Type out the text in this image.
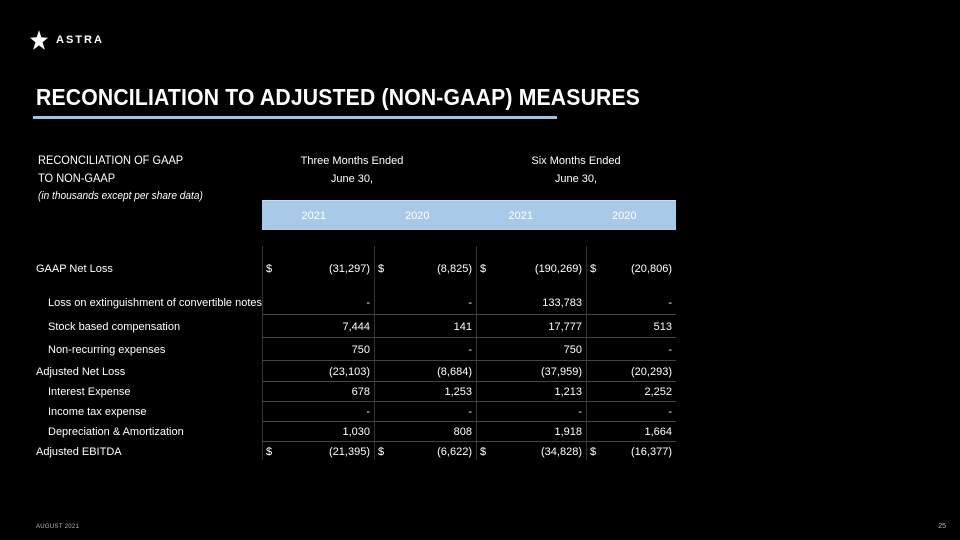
ASTRA
RECONCILIATION TO ADJUSTED (NON-GAAP) MEASURES
RECONCILIATION OF GAAP
TO NON-GAAP
(in thousands except per share data)
Three Months Ended
June 30,
Six Months Ended
June 30,
2021	2020	2021	2020
GAAP Net Loss	$	(31,297) $	(8,825) $	(190,269) $	(20,806)
Loss on extinguishment of convertible notes	-	-	133,783	-
Stock based compensation	7,444	141	17,777	513
Non-recurring expenses	750	-	750	-
Adjusted Net Loss	(23,103)	(8,684)	(37,959)	(20,293)
Interest Expense	678	1,253	1,213	2,252
Income tax expense	-	-	-	-
Depreciation & Amortization	1,030	808	1,918	1,664
Adjusted EBITDA	$	(21,395) $	(6,622) $	(34,828) $	(16,377)
AUGUST 2021	25
